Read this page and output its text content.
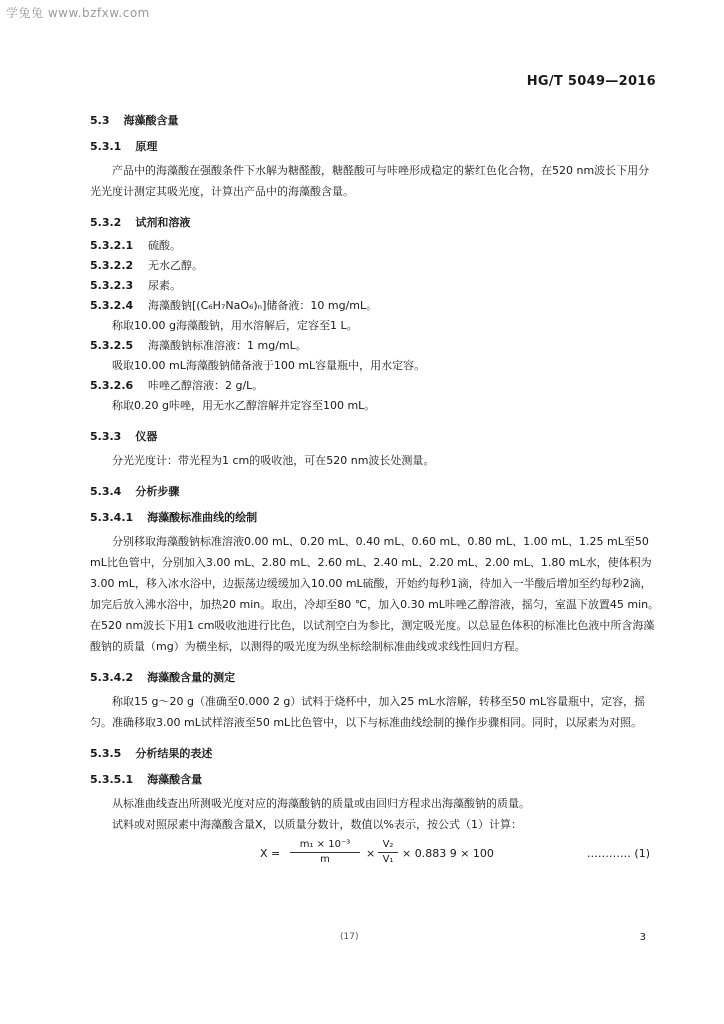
学兔兔 www.bzfxw.com
HG/T 5049—2016
5.3 海藻酸含量
5.3.1 原理
产品中的海藻酸在强酸条件下水解为糖醛酸，糖醛酸可与咔唑形成稳定的紫红色化合物，在520 nm波长下用分光光度计测定其吸光度，计算出产品中的海藻酸含量。
5.3.2 试剂和溶液
5.3.2.1 硫酸。
5.3.2.2 无水乙醇。
5.3.2.3 尿素。
5.3.2.4 海藻酸钠[(C₆H₇NaO₆)ₙ]储备液：10 mg/mL。
称取10.00 g海藻酸钠，用水溶解后，定容至1 L。
5.3.2.5 海藻酸钠标准溶液：1 mg/mL。
吸取10.00 mL海藻酸钠储备液于100 mL容量瓶中，用水定容。
5.3.2.6 咔唑乙醇溶液：2 g/L。
称取0.20 g咔唑，用无水乙醇溶解并定容至100 mL。
5.3.3 仪器
分光光度计：带光程为1 cm的吸收池，可在520 nm波长处测量。
5.3.4 分析步骤
5.3.4.1 海藻酸标准曲线的绘制
分别移取海藻酸钠标准溶液0.00 mL、0.20 mL、0.40 mL、0.60 mL、0.80 mL、1.00 mL、1.25 mL至50 mL比色管中，分别加入3.00 mL、2.80 mL、2.60 mL、2.40 mL、2.20 mL、2.00 mL、1.80 mL水，使体积为3.00 mL，移入冰水浴中，边振荡边缓缓加入10.00 mL硫酸，开始约每秒1滴，待加入一半酸后增加至约每秒2滴，加完后放入沸水浴中，加热20 min。取出，冷却至80 ℃，加入0.30 mL咔唑乙醇溶液，摇匀，室温下放置45 min。在520 nm波长下用1 cm吸收池进行比色，以试剂空白为参比，测定吸光度。以总显色体积的标准比色液中所含海藻酸钠的质量（mg）为横坐标，以测得的吸光度为纵坐标绘制标准曲线或求线性回归方程。
5.3.4.2 海藻酸含量的测定
称取15 g～20 g（准确至0.000 2 g）试料于烧杯中，加入25 mL水溶解，转移至50 mL容量瓶中，定容，摇匀。准确移取3.00 mL试样溶液至50 mL比色管中，以下与标准曲线绘制的操作步骤相同。同时，以尿素为对照。
5.3.5 分析结果的表述
5.3.5.1 海藻酸含量
从标准曲线查出所测吸光度对应的海藻酸钠的质量或由回归方程求出海藻酸钠的质量。
试料或对照尿素中海藻酸含量X，以质量分数计，数值以%表示，按公式（1）计算：
X =
m₁ × 10⁻³
m	×
V₂
V₁ × 0.883 9 × 100	………… (1)
(17)	3
